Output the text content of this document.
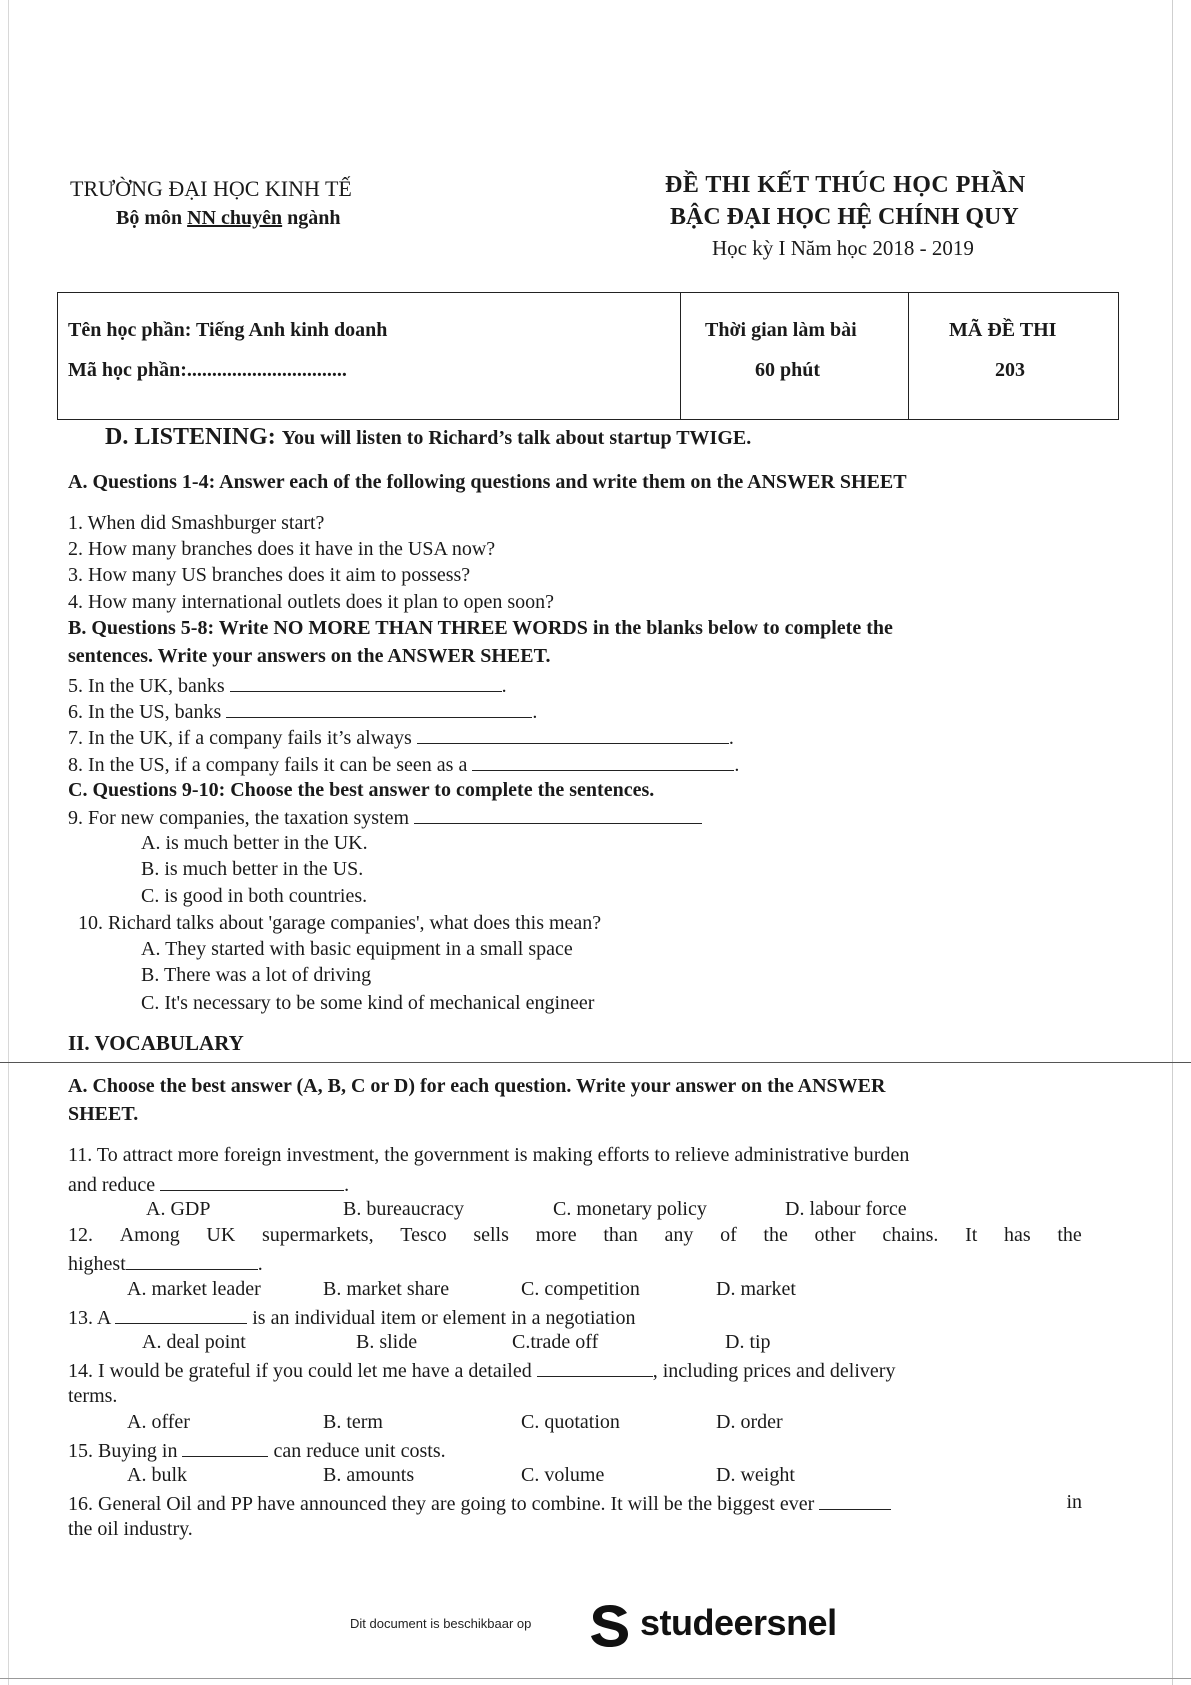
TRƯỜNG ĐẠI HỌC KINH TẾ
Bộ môn NN chuyên ngành
ĐỀ THI KẾT THÚC HỌC PHẦN
BẬC ĐẠI HỌC HỆ CHÍNH QUY
Học kỳ I Năm học 2018 - 2019
Tên học phần: Tiếng Anh kinh doanh
Mã học phần:................................

Thời gian làm bài
60 phút

MÃ ĐỀ THI
203
D. LISTENING: You will listen to Richard’s talk about startup TWIGE.
A. Questions 1-4: Answer each of the following questions and write them on the ANSWER SHEET
1. When did Smashburger start?
2. How many branches does it have in the USA now?
3. How many US branches does it aim to possess?
4. How many international outlets does it plan to open soon?
B. Questions 5-8: Write NO MORE THAN THREE WORDS in the blanks below to complete the
sentences. Write your answers on the ANSWER SHEET.
5. In the UK, banks	.
6. In the US, banks	.
7. In the UK, if a company fails it’s always	.
8. In the US, if a company fails it can be seen as a	.
C. Questions 9-10: Choose the best answer to complete the sentences.
9. For new companies, the taxation system
A. is much better in the UK.
B. is much better in the US.
C. is good in both countries.
10. Richard talks about 'garage companies', what does this mean?
A. They started with basic equipment in a small space
B. There was a lot of driving
C. It's necessary to be some kind of mechanical engineer
II. VOCABULARY
A. Choose the best answer (A, B, C or D) for each question. Write your answer on the ANSWER
SHEET.
11. To attract more foreign investment, the government is making efforts to relieve administrative burden
and reduce	.
A. GDP	B. bureaucracy	C. monetary policy	D. labour force
12. Among UK supermarkets, Tesco sells more than any of the other chains. It has the
highest	.
A. market leader	B. market share	C. competition	D. market
13. A	is an individual item or element in a negotiation
A. deal point	B. slide	C.trade off	D. tip
14. I would be grateful if you could let me have a detailed	, including prices and delivery
terms.
A. offer	B. term	C. quotation	D. order
15. Buying in	can reduce unit costs.
A. bulk	B. amounts	C. volume	D. weight
16. General Oil and PP have announced they are going to combine. It will be the biggest ever	in
the oil industry.
Dit document is beschikbaar op	studeersnel
